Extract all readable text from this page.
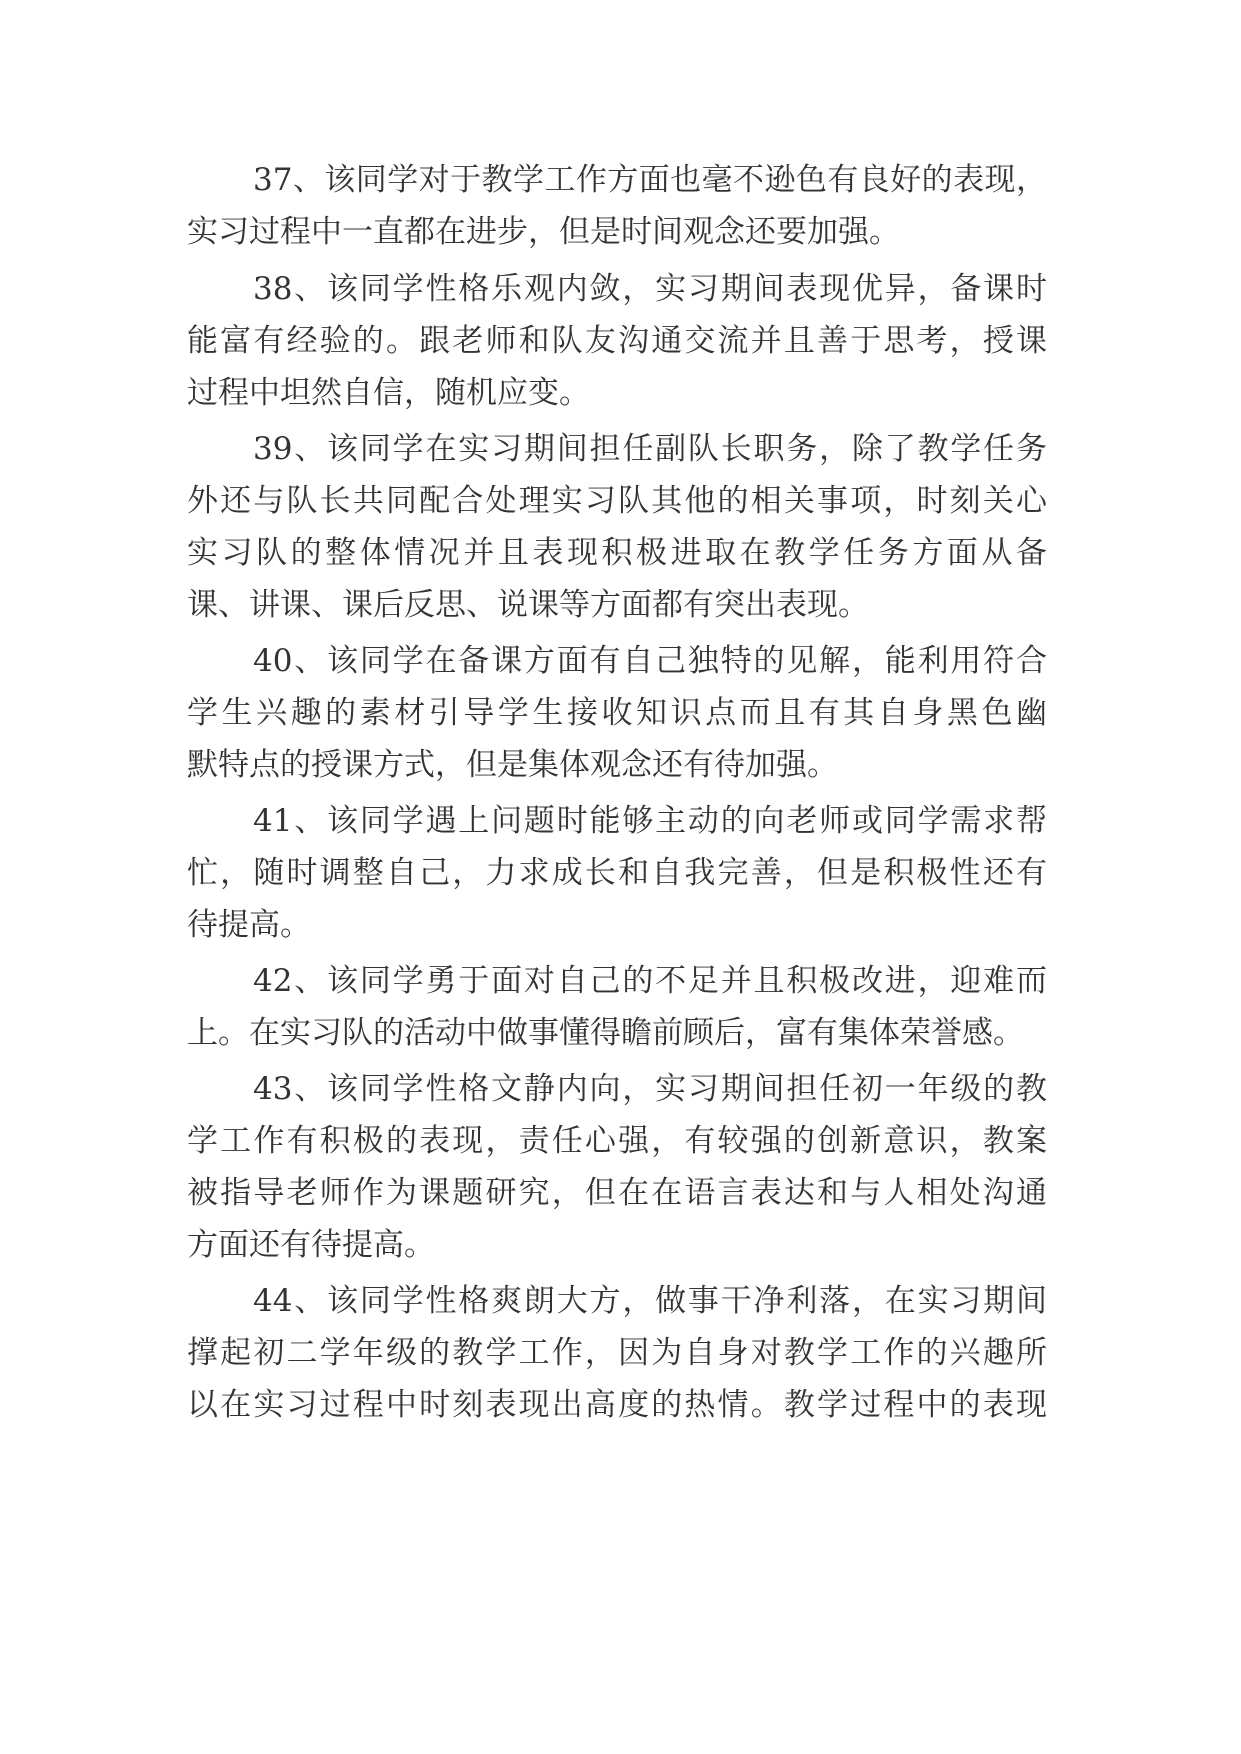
37、该同学对于教学工作方面也毫不逊色有良好的表现，
实习过程中一直都在进步，但是时间观念还要加强。
38、该同学性格乐观内敛，实习期间表现优异，备课时
能富有经验的。跟老师和队友沟通交流并且善于思考，授课
过程中坦然自信，随机应变。
39、该同学在实习期间担任副队长职务，除了教学任务
外还与队长共同配合处理实习队其他的相关事项，时刻关心
实习队的整体情况并且表现积极进取在教学任务方面从备
课、讲课、课后反思、说课等方面都有突出表现。
40、该同学在备课方面有自己独特的见解，能利用符合
学生兴趣的素材引导学生接收知识点而且有其自身黑色幽
默特点的授课方式，但是集体观念还有待加强。
41、该同学遇上问题时能够主动的向老师或同学需求帮
忙，随时调整自己，力求成长和自我完善，但是积极性还有
待提高。
42、该同学勇于面对自己的不足并且积极改进，迎难而
上。在实习队的活动中做事懂得瞻前顾后，富有集体荣誉感。
43、该同学性格文静内向，实习期间担任初一年级的教
学工作有积极的表现，责任心强，有较强的创新意识，教案
被指导老师作为课题研究，但在在语言表达和与人相处沟通
方面还有待提高。
44、该同学性格爽朗大方，做事干净利落，在实习期间
撑起初二学年级的教学工作，因为自身对教学工作的兴趣所
以在实习过程中时刻表现出高度的热情。教学过程中的表现
